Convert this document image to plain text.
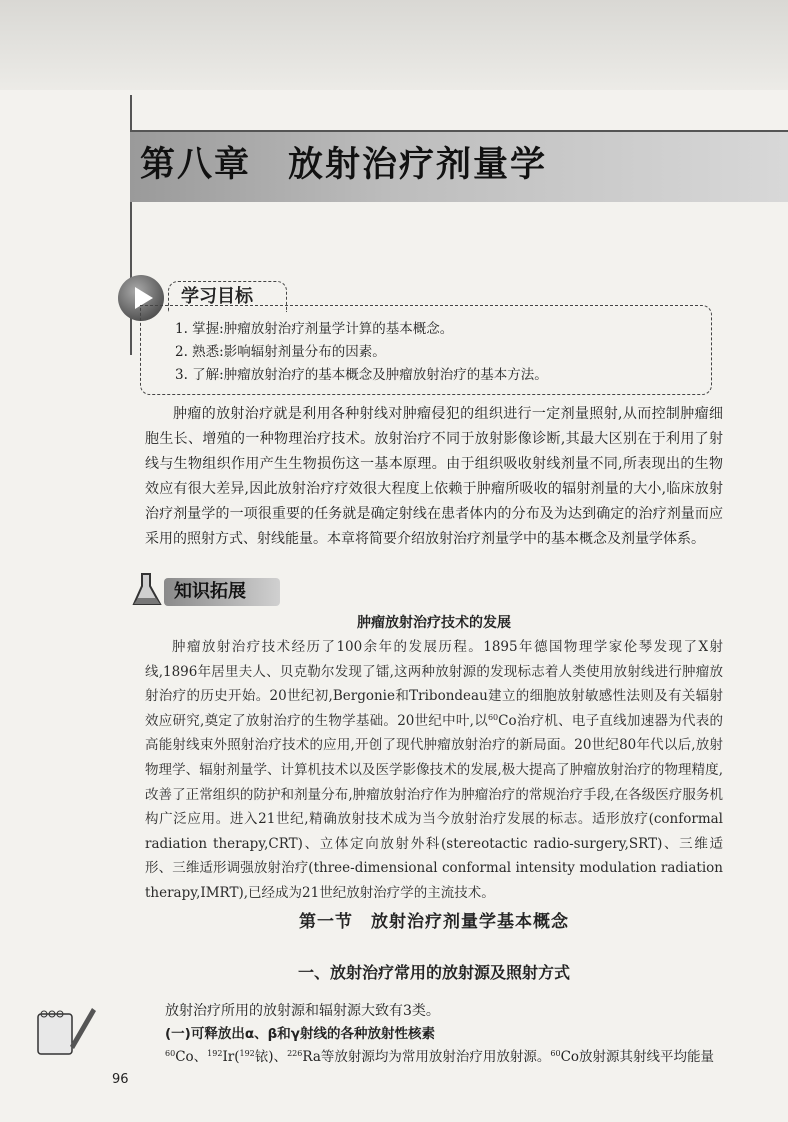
第八章　放射治疗剂量学
学习目标
1. 掌握:肿瘤放射治疗剂量学计算的基本概念。
2. 熟悉:影响辐射剂量分布的因素。
3. 了解:肿瘤放射治疗的基本概念及肿瘤放射治疗的基本方法。

肿瘤的放射治疗就是利用各种射线对肿瘤侵犯的组织进行一定剂量照射,从而控制肿瘤细胞生长、增殖的一种物理治疗技术。放射治疗不同于放射影像诊断,其最大区别在于利用了射线与生物组织作用产生生物损伤这一基本原理。由于组织吸收射线剂量不同,所表现出的生物效应有很大差异,因此放射治疗疗效很大程度上依赖于肿瘤所吸收的辐射剂量的大小,临床放射治疗剂量学的一项很重要的任务就是确定射线在患者体内的分布及为达到确定的治疗剂量而应采用的照射方式、射线能量。本章将简要介绍放射治疗剂量学中的基本概念及剂量学体系。

知识拓展
肿瘤放射治疗技术的发展

肿瘤放射治疗技术经历了100余年的发展历程。1895年德国物理学家伦琴发现了X射线,1896年居里夫人、贝克勒尔发现了镭,这两种放射源的发现标志着人类使用放射线进行肿瘤放射治疗的历史开始。20世纪初,Bergonie和Tribondeau建立的细胞放射敏感性法则及有关辐射效应研究,奠定了放射治疗的生物学基础。20世纪中叶,以$^{60}$Co治疗机、电子直线加速器为代表的高能射线束外照射治疗技术的应用,开创了现代肿瘤放射治疗的新局面。20世纪80年代以后,放射物理学、辐射剂量学、计算机技术以及医学影像技术的发展,极大提高了肿瘤放射治疗的物理精度,改善了正常组织的防护和剂量分布,肿瘤放射治疗作为肿瘤治疗的常规治疗手段,在各级医疗服务机构广泛应用。进入21世纪,精确放射技术成为当今放射治疗发展的标志。适形放疗(conformal radiation therapy,CRT)、立体定向放射外科(stereotactic radio-surgery,SRT)、三维适形、三维适形调强放射治疗(three-dimensional conformal intensity modulation radiation therapy,IMRT),已经成为21世纪放射治疗学的主流技术。

第一节　放射治疗剂量学基本概念
一、放射治疗常用的放射源及照射方式

放射治疗所用的放射源和辐射源大致有3类。

(一)可释放出α、β和γ射线的各种放射性核素

$^{60}$Co、$^{192}$Ir($^{192}$铱)、$^{226}$Ra等放射源均为常用放射治疗用放射源。$^{60}$Co放射源其射线平均能量

96
